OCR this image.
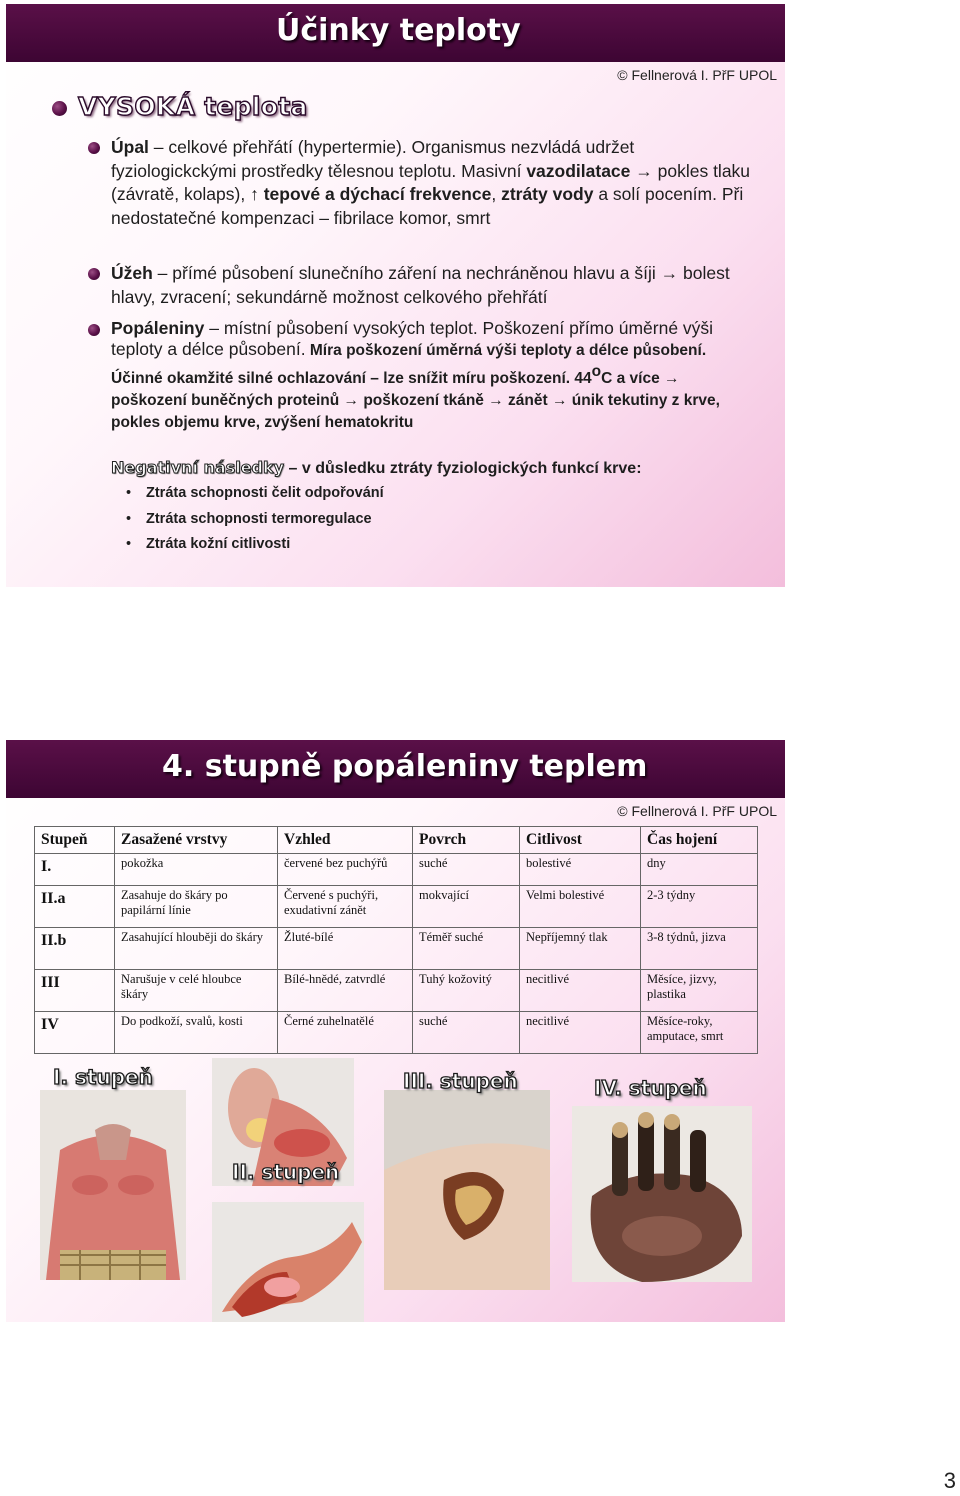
Účinky teploty
© Fellnerová I. PřF UPOL
VYSOKÁ teplota
Úpal – celkové přehřátí (hypertermie). Organismus nezvládá udržet fyziologickckými prostředky tělesnou teplotu. Masivní vazodilatace → pokles tlaku (závratě, kolaps), ↑ tepové a dýchací frekvence, ztráty vody a solí pocením. Při nedostatečné kompenzaci – fibrilace komor, smrt
Úžeh – přímé působení slunečního záření na nechráněnou hlavu a šíji → bolest hlavy, zvracení; sekundárně možnost celkového přehřátí
Popáleniny – místní působení vysokých teplot. Poškození přímo úměrné výši teploty a délce působení. Míra poškození úměrná výši teploty a délce působení. Účinné okamžité silné ochlazování – lze snížit míru poškození. 44$^o$C a více → poškození buněčných proteinů → poškození tkáně → zánět → únik tekutiny z krve, pokles objemu krve, zvýšení hematokritu
Negativní následky – v důsledku ztráty fyziologických funkcí krve:
• Ztráta schopnosti čelit odpořování
• Ztráta schopnosti termoregulace
• Ztráta kožní citlivosti
4. stupně popáleniny teplem
© Fellnerová I. PřF UPOL
Stupeň	Zasažené vrstvy	Vzhled	Povrch	Citlivost	Čas hojení
I.	pokožka	červené bez puchýřů	suché	bolestivé	dny
II.a	Zasahuje do škáry po papilární línie	Červené s puchýři, exudativní zánět	mokvající	Velmi bolestivé	2-3 týdny
II.b	Zasahující hlouběji do škáry	Žluté-bílé	Téměř suché	Nepříjemný tlak	3-8 týdnů, jizva
III	Narušuje v celé hloubce škáry	Bílé-hnědé, zatvrdlé	Tuhý kožovitý	necitlivé	Měsíce, jizvy, plastika
IV	Do podkoží, svalů, kosti	Černé zuhelnatělé	suché	necitlivé	Měsíce-roky, amputace, smrt
I. stupeň
II. stupeň
III. stupeň	IV. stupeň
3
